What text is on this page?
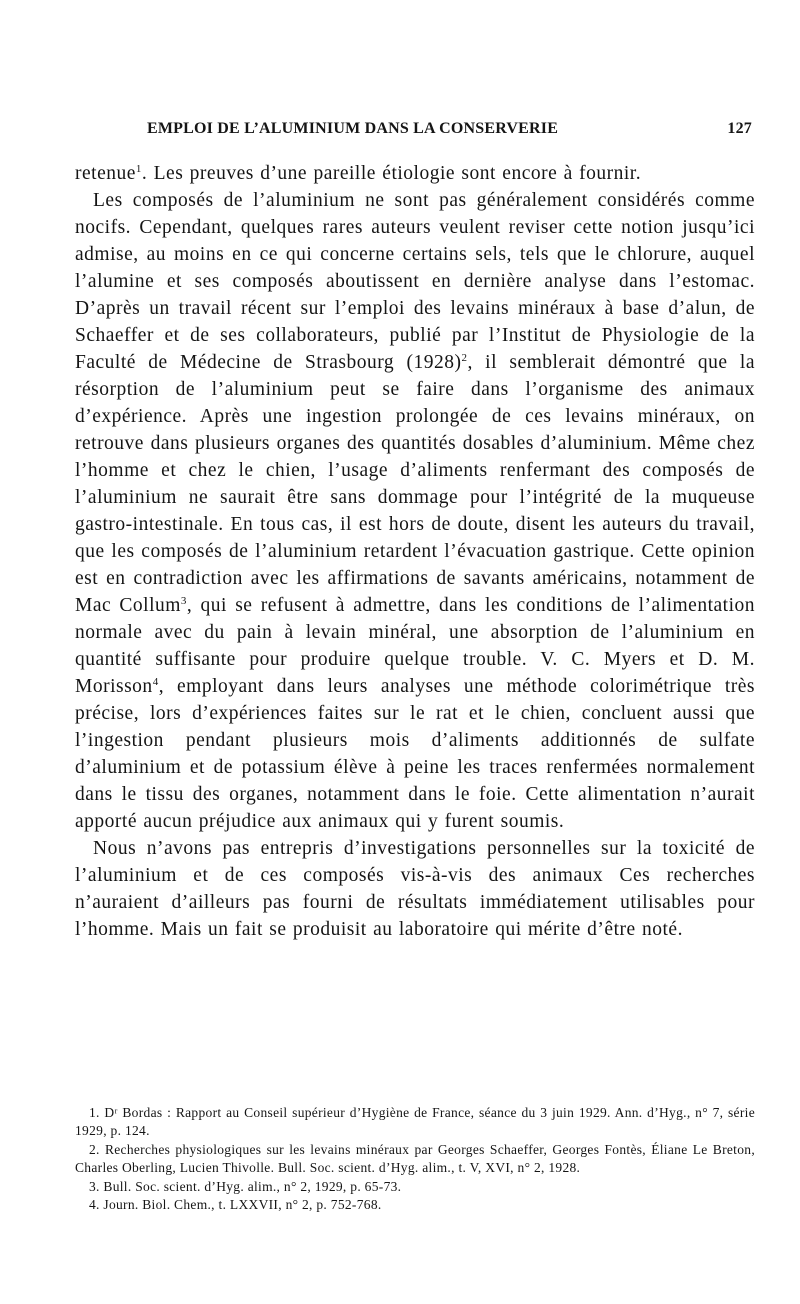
EMPLOI DE L’ALUMINIUM DANS LA CONSERVERIE	127

retenue$^1$. Les preuves d’une pareille étiologie sont encore à fournir.

Les composés de l’aluminium ne sont pas généralement considérés comme nocifs. Cependant, quelques rares auteurs veulent reviser cette notion jusqu’ici admise, au moins en ce qui concerne certains sels, tels que le chlorure, auquel l’alumine et ses composés aboutissent en dernière analyse dans l’estomac. D’après un travail récent sur l’emploi des levains minéraux à base d’alun, de Schaeffer et de ses collaborateurs, publié par l’Institut de Physiologie de la Faculté de Médecine de Strasbourg $(1928)^2$, il semblerait démontré que la résorption de l’aluminium peut se faire dans l’organisme des animaux d’expérience. Après une ingestion prolongée de ces levains minéraux, on retrouve dans plusieurs organes des quantités dosables d’aluminium. Même chez l’homme et chez le chien, l’usage d’aliments renfermant des composés de l’aluminium ne saurait être sans dommage pour l’intégrité de la muqueuse gastro-intestinale. En tous cas, il est hors de doute, disent les auteurs du travail, que les composés de l’aluminium retardent l’évacuation gastrique. Cette opinion est en contradiction avec les affirmations de savants américains, notamment de Mac Collum$^3$, qui se refusent à admettre, dans les conditions de l’alimentation normale avec du pain à levain minéral, une absorption de l’aluminium en quantité suffisante pour produire quelque trouble. V. C. Myers et D. M. Morisson$^4$, employant dans leurs analyses une méthode colorimétrique très précise, lors d’expériences faites sur le rat et le chien, concluent aussi que l’ingestion pendant plusieurs mois d’aliments additionnés de sulfate d’aluminium et de potassium élève à peine les traces renfermées normalement dans le tissu des organes, notamment dans le foie. Cette alimentation n’aurait apporté aucun préjudice aux animaux qui y furent soumis.

Nous n’avons pas entrepris d’investigations personnelles sur la toxicité de l’aluminium et de ces composés vis-à-vis des animaux Ces recherches n’auraient d’ailleurs pas fourni de résultats immédiatement utilisables pour l’homme. Mais un fait se produisit au laboratoire qui mérite d’être noté.

1. Dʳ Bordas : Rapport au Conseil supérieur d’Hygiène de France, séance du 3 juin 1929. Ann. d’Hyg., n° 7, série 1929, p. 124.

2. Recherches physiologiques sur les levains minéraux par Georges Schaeffer, Georges Fontès, Éliane Le Breton, Charles Oberling, Lucien Thivolle. Bull. Soc. scient. d’Hyg. alim., t. V, XVI, n° 2, 1928.

3. Bull. Soc. scient. d’Hyg. alim., n° 2, 1929, p. 65-73.

4. Journ. Biol. Chem., t. LXXVII, n° 2, p. 752-768.
